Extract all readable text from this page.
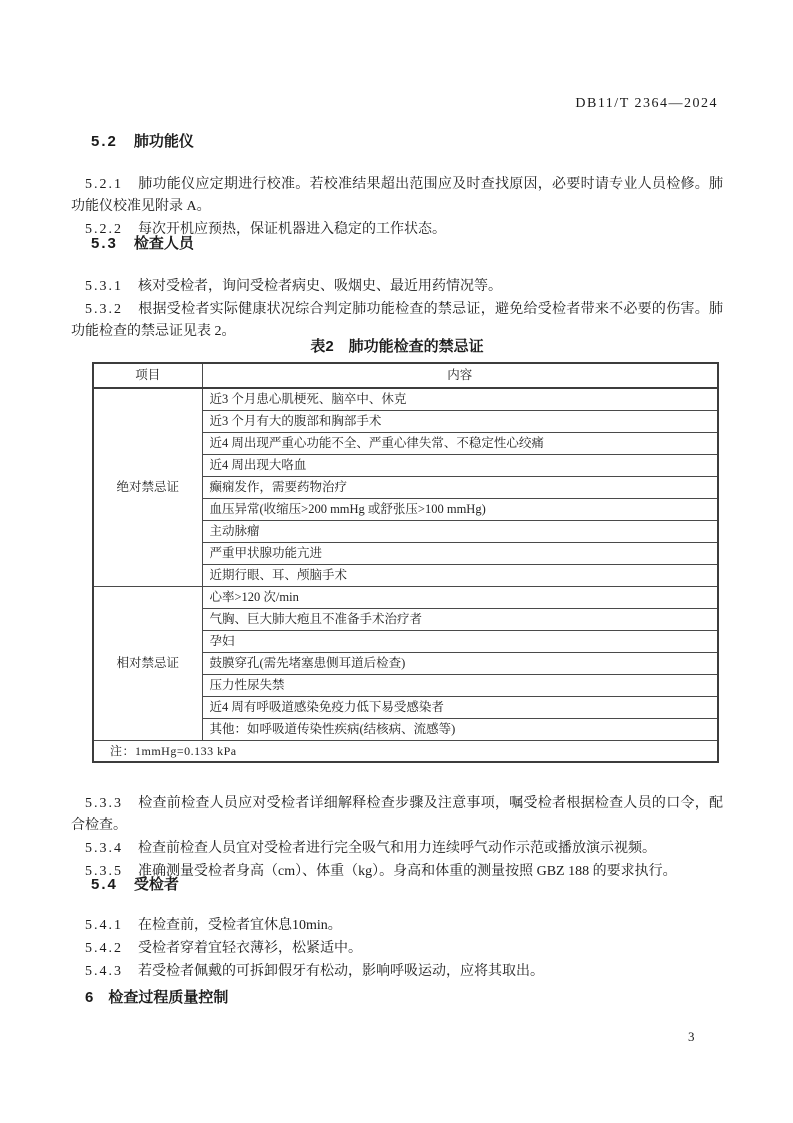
DB11/T 2364—2024
5.2 肺功能仪

5.2.1 肺功能仪应定期进行校准。若校准结果超出范围应及时查找原因，必要时请专业人员检修。肺功能仪校准见附录 A。

5.2.2 每次开机应预热，保证机器进入稳定的工作状态。

5.3 检查人员

5.3.1 核对受检者，询问受检者病史、吸烟史、最近用药情况等。

5.3.2 根据受检者实际健康状况综合判定肺功能检查的禁忌证，避免给受检者带来不必要的伤害。肺功能检查的禁忌证见表 2。

表2　肺功能检查的禁忌证
项目	内容
绝对禁忌证	近3 个月患心肌梗死、脑卒中、休克
	近3 个月有大的腹部和胸部手术
	近4 周出现严重心功能不全、严重心律失常、不稳定性心绞痛
	近4 周出现大咯血
	癫痫发作，需要药物治疗
	血压异常(收缩压>200 mmHg 或舒张压>100 mmHg)
	主动脉瘤
	严重甲状腺功能亢进
	近期行眼、耳、颅脑手术
相对禁忌证	心率>120 次/min
	气胸、巨大肺大疱且不准备手术治疗者
	孕妇
	鼓膜穿孔(需先堵塞患侧耳道后检查)
	压力性尿失禁
	近4 周有呼吸道感染免疫力低下易受感染者
	其他：如呼吸道传染性疾病(结核病、流感等)
注：1mmHg=0.133 kPa	

5.3.3 检查前检查人员应对受检者详细解释检查步骤及注意事项，嘱受检者根据检查人员的口令，配合检查。

5.3.4 检查前检查人员宜对受检者进行完全吸气和用力连续呼气动作示范或播放演示视频。

5.3.5 准确测量受检者身高（cm）、体重（kg）。身高和体重的测量按照 GBZ 188 的要求执行。

5.4 受检者

5.4.1 在检查前，受检者宜休息10min。

5.4.2 受检者穿着宜轻衣薄衫，松紧适中。

5.4.3 若受检者佩戴的可拆卸假牙有松动，影响呼吸运动，应将其取出。

6 检查过程质量控制
3
